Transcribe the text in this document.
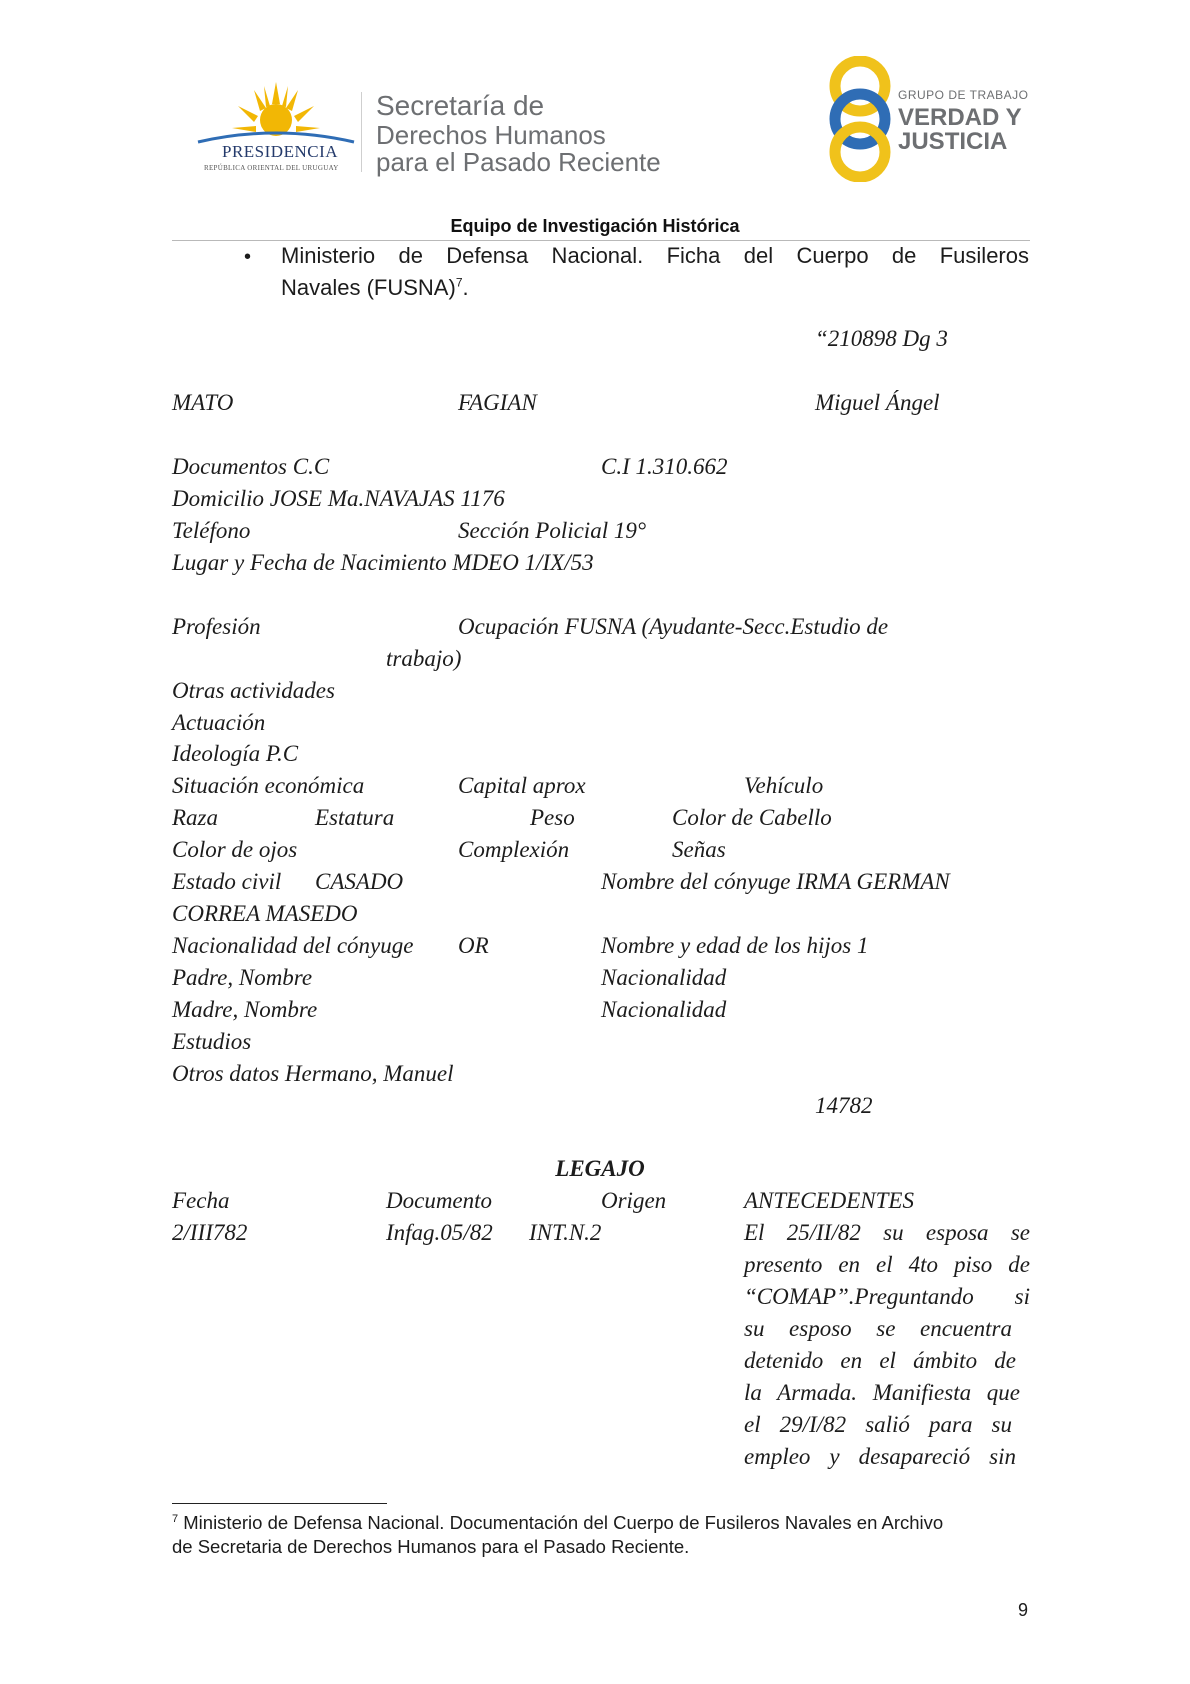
PRESIDENCIA
REPÚBLICA ORIENTAL DEL URUGUAY
Secretaría de
Derechos Humanos
para el Pasado Reciente
GRUPO DE TRABAJO
VERDAD Y
JUSTICIA
Equipo de Investigación Histórica
• Ministerio de Defensa Nacional. Ficha del Cuerpo de Fusileros
Navales (FUSNA)$^7$.
“210898 Dg 3
MATO	FAGIAN	Miguel Ángel
Documentos C.C	C.I 1.310.662
Domicilio JOSE Ma.NAVAJAS 1176
Teléfono	Sección Policial 19°
Lugar y Fecha de Nacimiento MDEO 1/IX/53
Profesión	Ocupación FUSNA (Ayudante-Secc.Estudio de
trabajo)
Otras actividades
Actuación
Ideología P.C
Situación económica	Capital aprox	Vehículo
Raza	Estatura	Peso	Color de Cabello
Color de ojos	Complexión	Señas
Estado civil CASADO	Nombre del cónyuge IRMA GERMAN
CORREA MASEDO
Nacionalidad del cónyuge OR	Nombre y edad de los hijos 1
Padre, Nombre	Nacionalidad
Madre, Nombre	Nacionalidad
Estudios
Otros datos Hermano, Manuel
14782
LEGAJO
Fecha	Documento	Origen	ANTECEDENTES
2/III782	Infag.05/82 INT.N.2	El 25/II/82 su esposa se
presento en el 4to piso de
“COMAP”.Preguntando si
su esposo se encuentra
detenido en el ámbito de
la Armada. Manifiesta que
el 29/I/82 salió para su
empleo y desapareció sin
$^7$ Ministerio de Defensa Nacional. Documentación del Cuerpo de Fusileros Navales en Archivo
de Secretaria de Derechos Humanos para el Pasado Reciente.
9
